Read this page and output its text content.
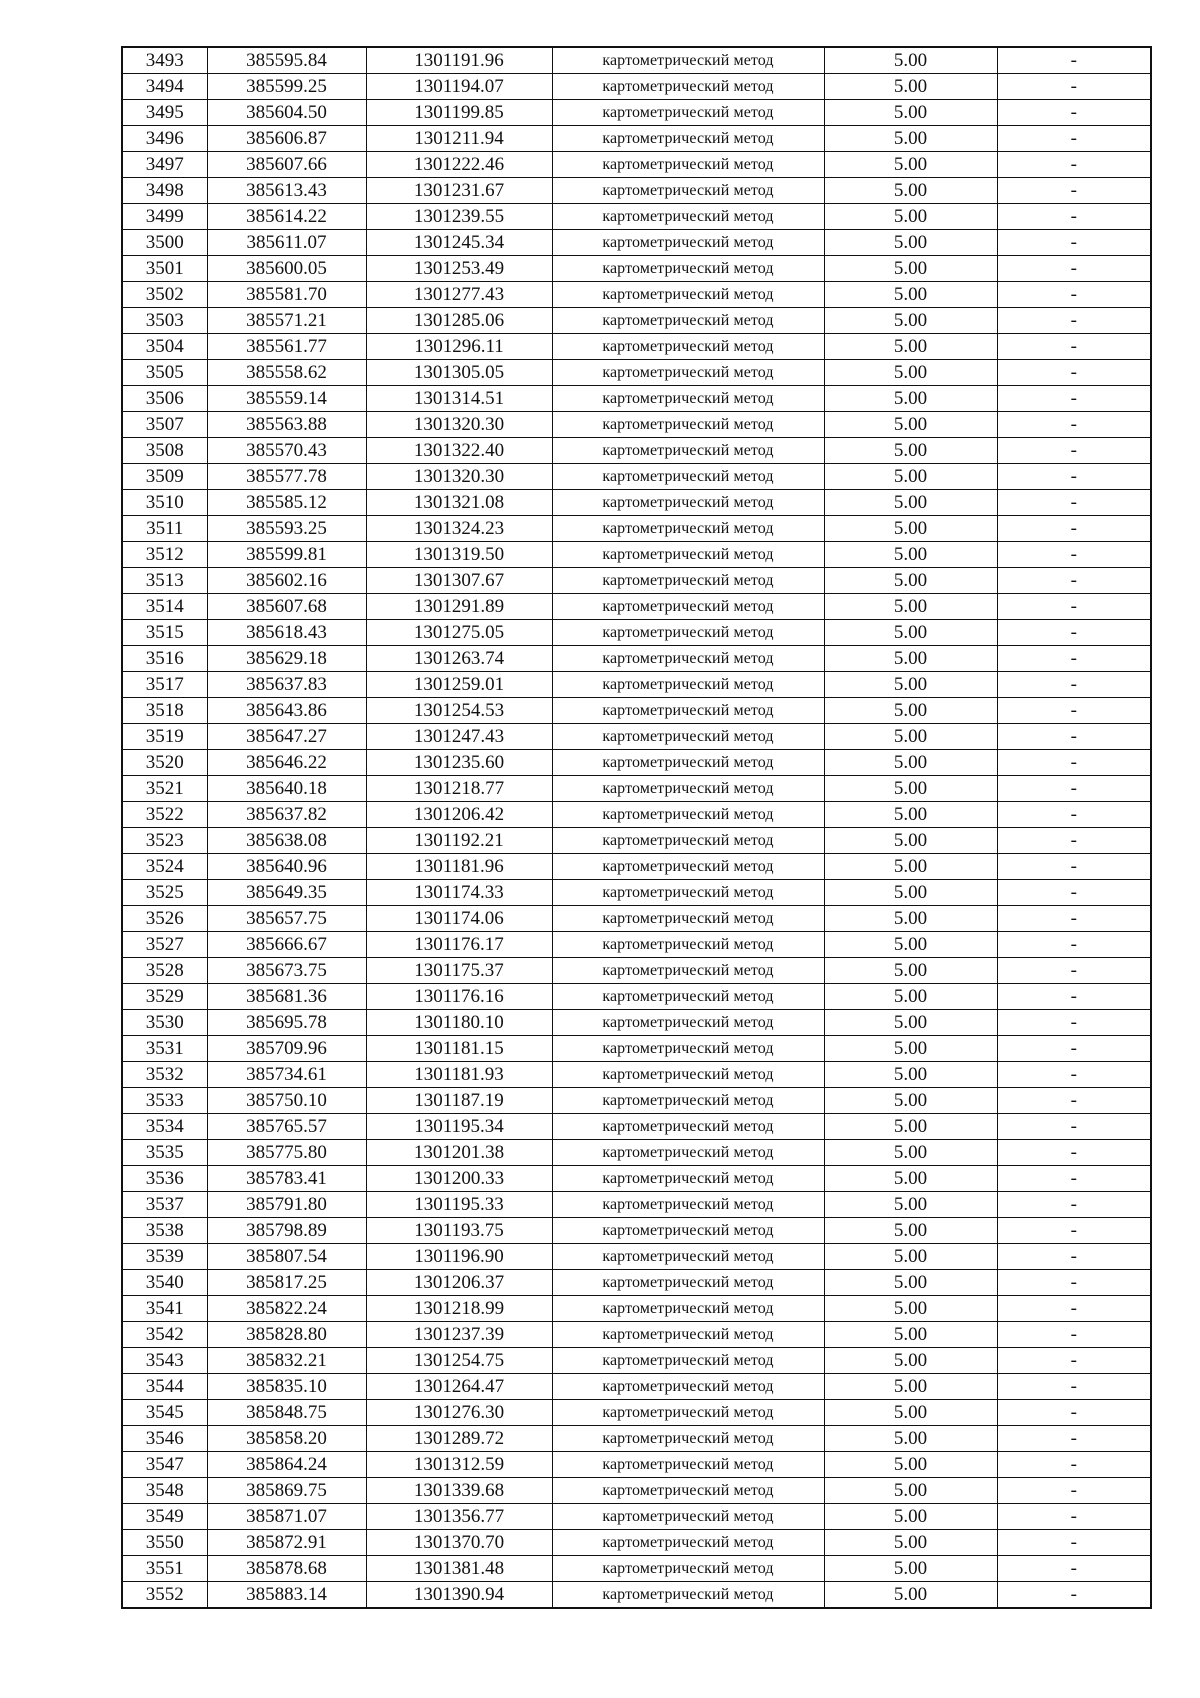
3493	385595.84	1301191.96	картометрический метод	5.00	-
3494	385599.25	1301194.07	картометрический метод	5.00	-
3495	385604.50	1301199.85	картометрический метод	5.00	-
3496	385606.87	1301211.94	картометрический метод	5.00	-
3497	385607.66	1301222.46	картометрический метод	5.00	-
3498	385613.43	1301231.67	картометрический метод	5.00	-
3499	385614.22	1301239.55	картометрический метод	5.00	-
3500	385611.07	1301245.34	картометрический метод	5.00	-
3501	385600.05	1301253.49	картометрический метод	5.00	-
3502	385581.70	1301277.43	картометрический метод	5.00	-
3503	385571.21	1301285.06	картометрический метод	5.00	-
3504	385561.77	1301296.11	картометрический метод	5.00	-
3505	385558.62	1301305.05	картометрический метод	5.00	-
3506	385559.14	1301314.51	картометрический метод	5.00	-
3507	385563.88	1301320.30	картометрический метод	5.00	-
3508	385570.43	1301322.40	картометрический метод	5.00	-
3509	385577.78	1301320.30	картометрический метод	5.00	-
3510	385585.12	1301321.08	картометрический метод	5.00	-
3511	385593.25	1301324.23	картометрический метод	5.00	-
3512	385599.81	1301319.50	картометрический метод	5.00	-
3513	385602.16	1301307.67	картометрический метод	5.00	-
3514	385607.68	1301291.89	картометрический метод	5.00	-
3515	385618.43	1301275.05	картометрический метод	5.00	-
3516	385629.18	1301263.74	картометрический метод	5.00	-
3517	385637.83	1301259.01	картометрический метод	5.00	-
3518	385643.86	1301254.53	картометрический метод	5.00	-
3519	385647.27	1301247.43	картометрический метод	5.00	-
3520	385646.22	1301235.60	картометрический метод	5.00	-
3521	385640.18	1301218.77	картометрический метод	5.00	-
3522	385637.82	1301206.42	картометрический метод	5.00	-
3523	385638.08	1301192.21	картометрический метод	5.00	-
3524	385640.96	1301181.96	картометрический метод	5.00	-
3525	385649.35	1301174.33	картометрический метод	5.00	-
3526	385657.75	1301174.06	картометрический метод	5.00	-
3527	385666.67	1301176.17	картометрический метод	5.00	-
3528	385673.75	1301175.37	картометрический метод	5.00	-
3529	385681.36	1301176.16	картометрический метод	5.00	-
3530	385695.78	1301180.10	картометрический метод	5.00	-
3531	385709.96	1301181.15	картометрический метод	5.00	-
3532	385734.61	1301181.93	картометрический метод	5.00	-
3533	385750.10	1301187.19	картометрический метод	5.00	-
3534	385765.57	1301195.34	картометрический метод	5.00	-
3535	385775.80	1301201.38	картометрический метод	5.00	-
3536	385783.41	1301200.33	картометрический метод	5.00	-
3537	385791.80	1301195.33	картометрический метод	5.00	-
3538	385798.89	1301193.75	картометрический метод	5.00	-
3539	385807.54	1301196.90	картометрический метод	5.00	-
3540	385817.25	1301206.37	картометрический метод	5.00	-
3541	385822.24	1301218.99	картометрический метод	5.00	-
3542	385828.80	1301237.39	картометрический метод	5.00	-
3543	385832.21	1301254.75	картометрический метод	5.00	-
3544	385835.10	1301264.47	картометрический метод	5.00	-
3545	385848.75	1301276.30	картометрический метод	5.00	-
3546	385858.20	1301289.72	картометрический метод	5.00	-
3547	385864.24	1301312.59	картометрический метод	5.00	-
3548	385869.75	1301339.68	картометрический метод	5.00	-
3549	385871.07	1301356.77	картометрический метод	5.00	-
3550	385872.91	1301370.70	картометрический метод	5.00	-
3551	385878.68	1301381.48	картометрический метод	5.00	-
3552	385883.14	1301390.94	картометрический метод	5.00	-
